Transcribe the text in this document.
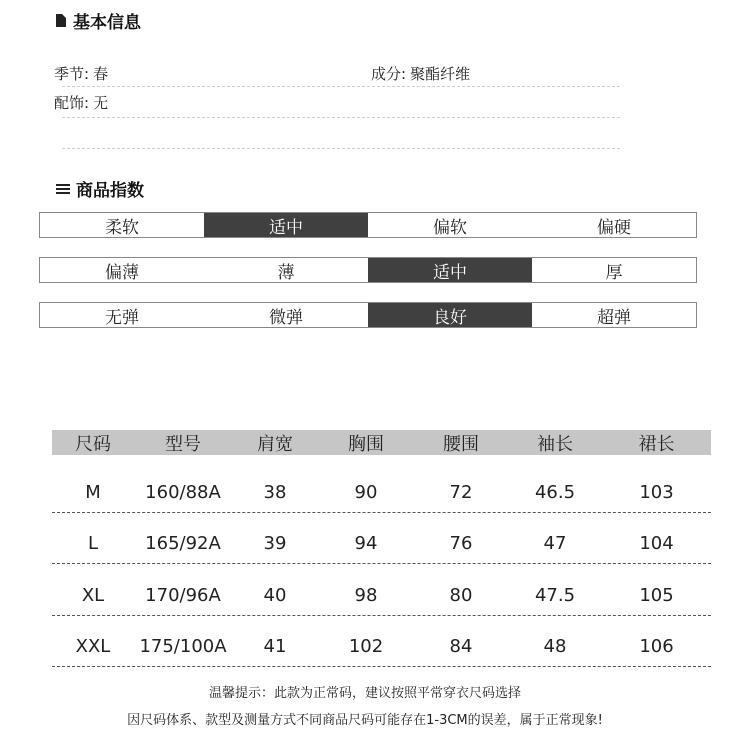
基本信息
季节: 春	成分: 聚酯纤维
配饰: 无
商品指数
柔软	适中	偏软	偏硬
偏薄	薄	适中	厚
无弹	微弹	良好	超弹
尺码	型号	肩宽	胸围	腰围	袖长	裙长
M	160/88A	38	90	72	46.5	103
L	165/92A	39	94	76	47	104
XL	170/96A	40	98	80	47.5	105
XXL	175/100A	41	102	84	48	106
温馨提示：此款为正常码，建议按照平常穿衣尺码选择
因尺码体系、款型及测量方式不同商品尺码可能存在1-3CM的误差，属于正常现象!
